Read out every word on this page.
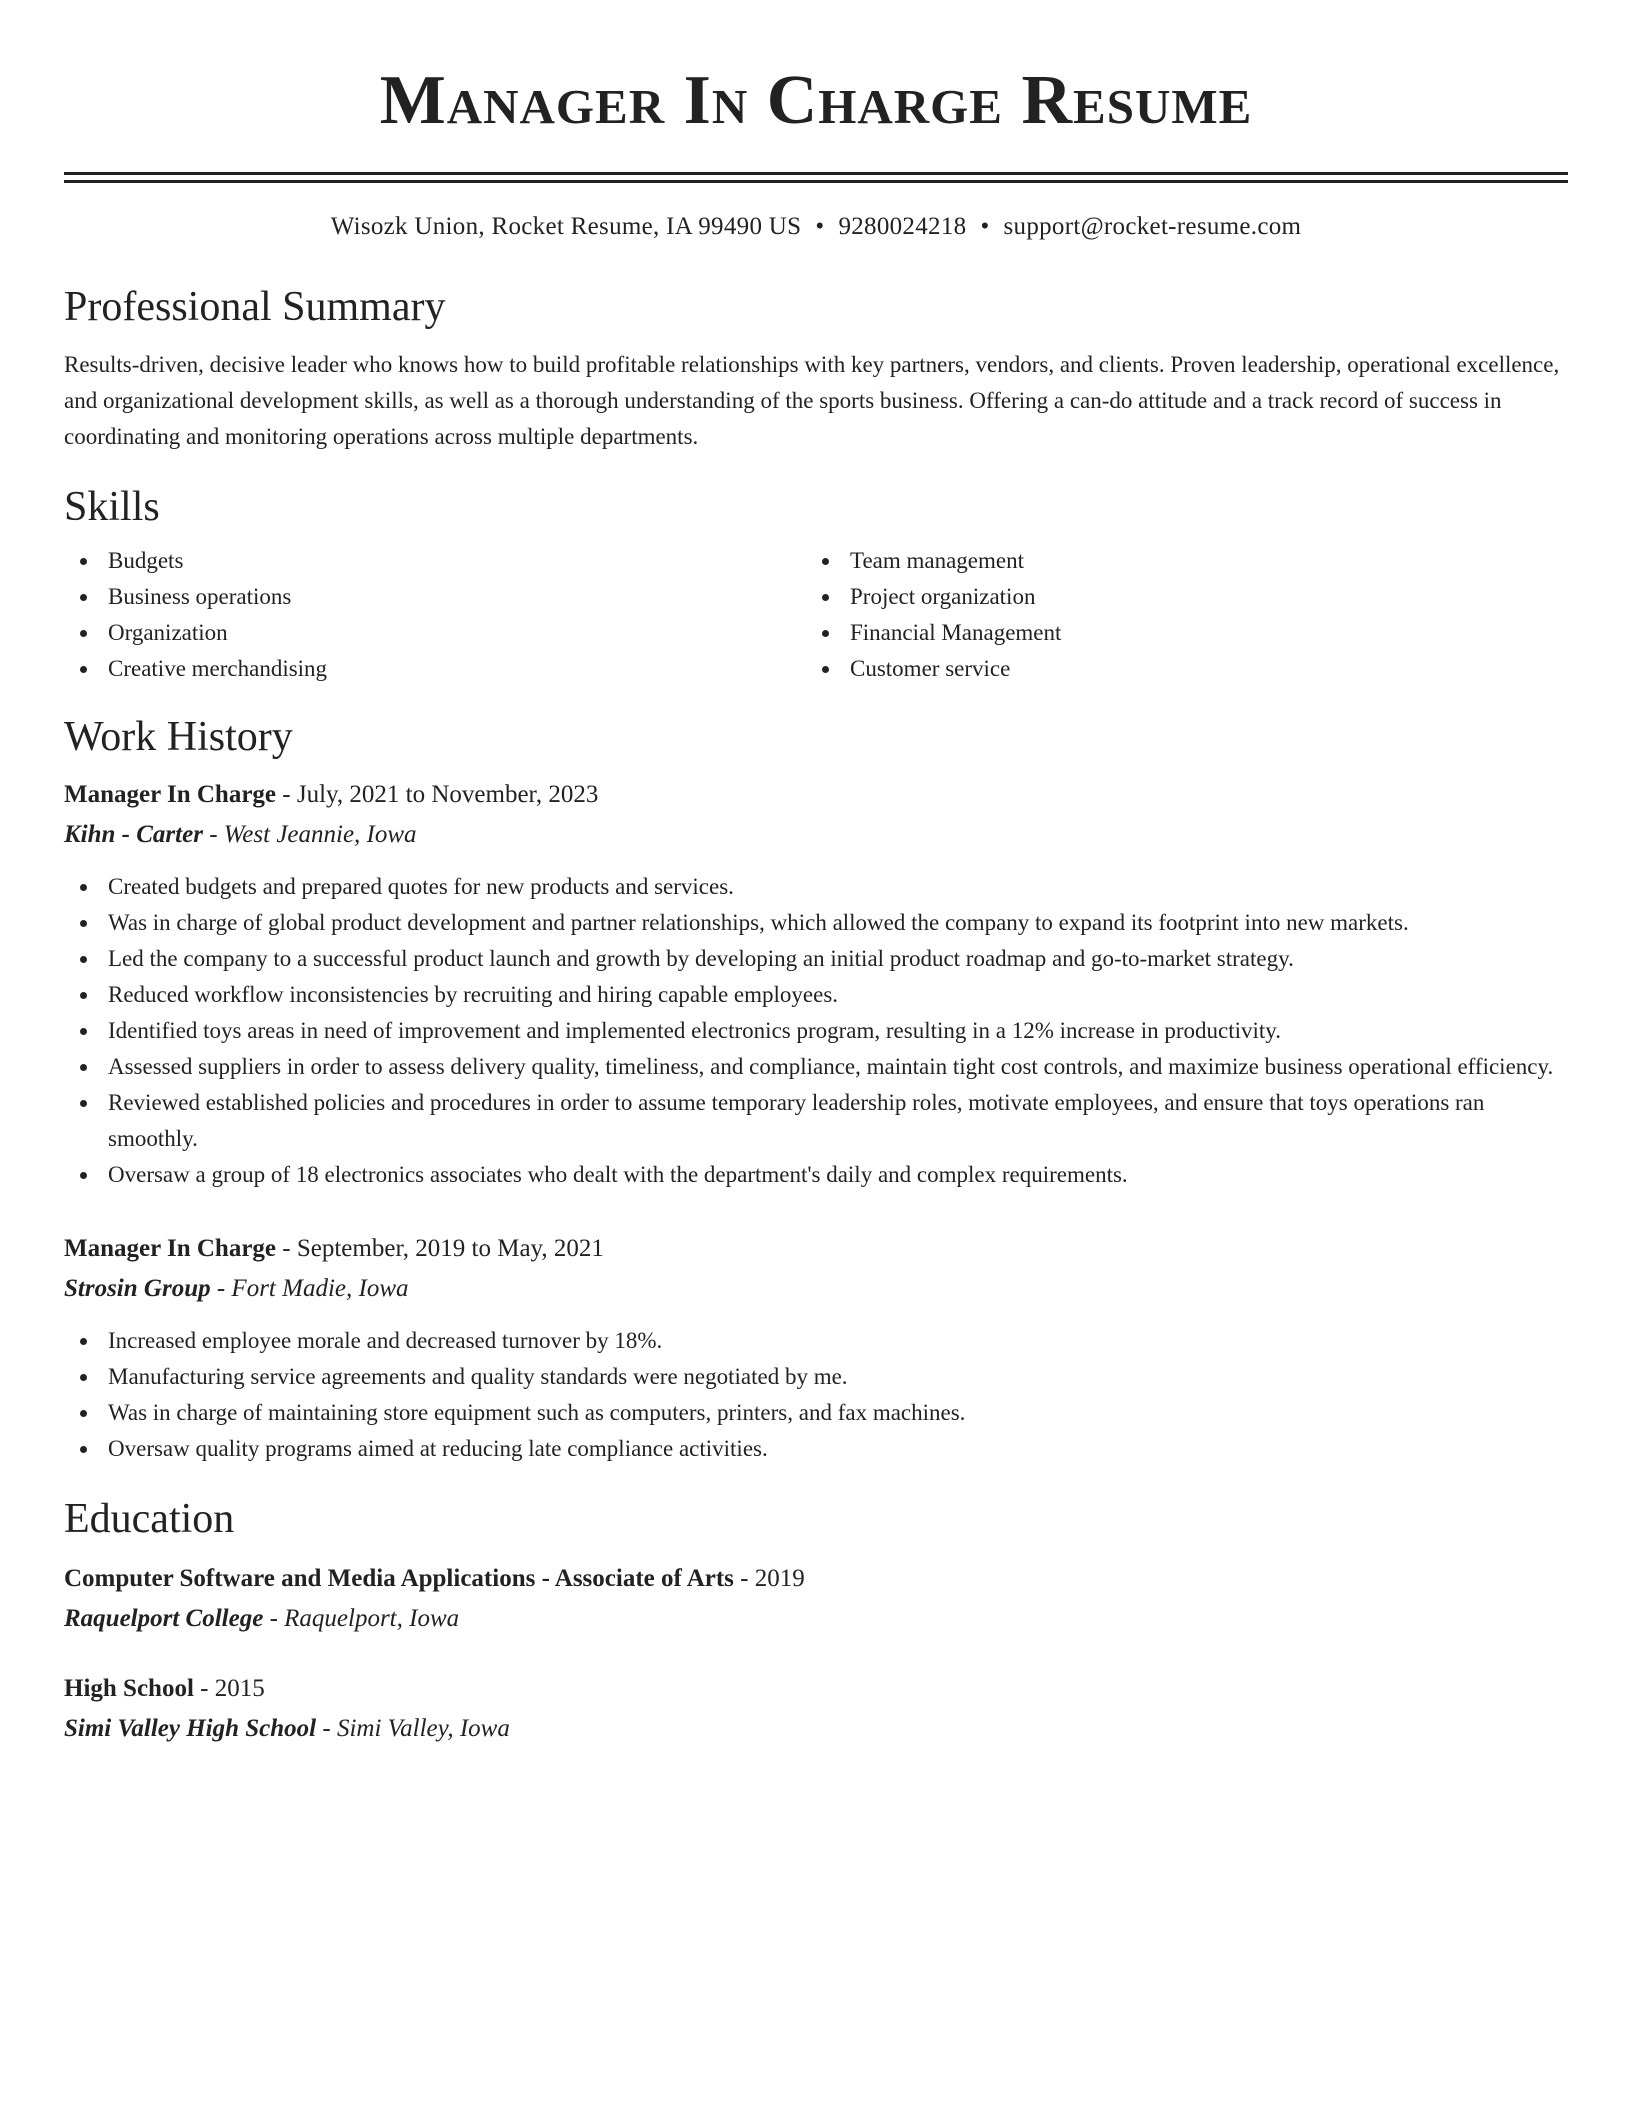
Manager In Charge Resume
Wisozk Union, Rocket Resume, IA 99490 US • 9280024218 • support@rocket-resume.com
Professional Summary
Results-driven, decisive leader who knows how to build profitable relationships with key partners, vendors, and clients. Proven leadership, operational excellence, and organizational development skills, as well as a thorough understanding of the sports business. Offering a can-do attitude and a track record of success in coordinating and monitoring operations across multiple departments.
Skills
Budgets
Business operations
Organization
Creative merchandising
Team management
Project organization
Financial Management
Customer service
Work History
Manager In Charge - July, 2021 to November, 2023
Kihn - Carter - West Jeannie, Iowa
Created budgets and prepared quotes for new products and services.
Was in charge of global product development and partner relationships, which allowed the company to expand its footprint into new markets.
Led the company to a successful product launch and growth by developing an initial product roadmap and go-to-market strategy.
Reduced workflow inconsistencies by recruiting and hiring capable employees.
Identified toys areas in need of improvement and implemented electronics program, resulting in a 12% increase in productivity.
Assessed suppliers in order to assess delivery quality, timeliness, and compliance, maintain tight cost controls, and maximize business operational efficiency.
Reviewed established policies and procedures in order to assume temporary leadership roles, motivate employees, and ensure that toys operations ran smoothly.
Oversaw a group of 18 electronics associates who dealt with the department's daily and complex requirements.
Manager In Charge - September, 2019 to May, 2021
Strosin Group - Fort Madie, Iowa
Increased employee morale and decreased turnover by 18%.
Manufacturing service agreements and quality standards were negotiated by me.
Was in charge of maintaining store equipment such as computers, printers, and fax machines.
Oversaw quality programs aimed at reducing late compliance activities.
Education
Computer Software and Media Applications - Associate of Arts - 2019
Raquelport College - Raquelport, Iowa
High School - 2015
Simi Valley High School - Simi Valley, Iowa
